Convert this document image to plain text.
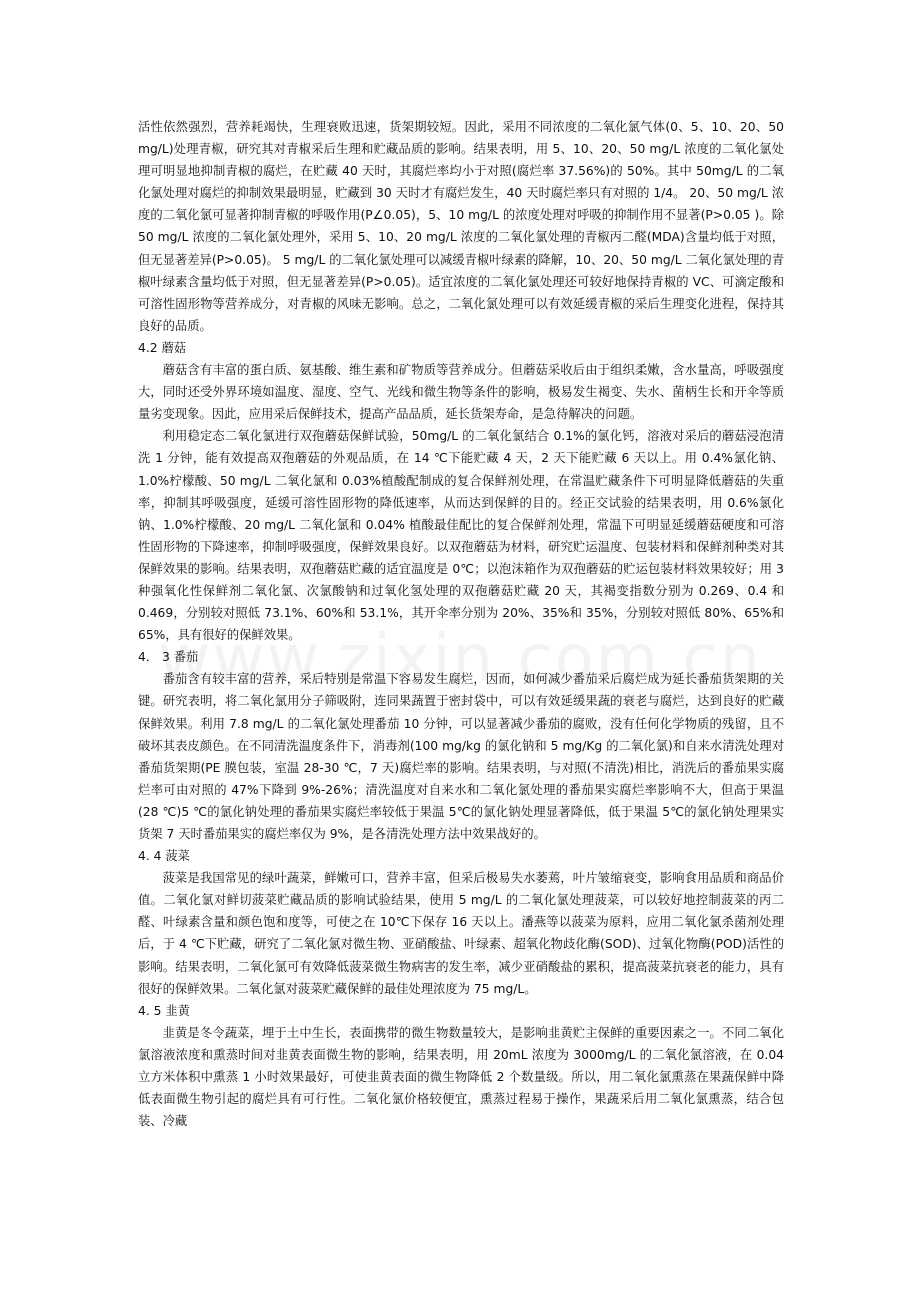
活性依然强烈，营养耗竭快，生理衰败迅速，货架期较短。因此，采用不同浓度的二氧化氯气体(0、5、10、20、50 mg/L)处理青椒，研究其对青椒采后生理和贮藏品质的影响。结果表明，用 5、10、20、50 mg/L 浓度的二氧化氯处理可明显地抑制青椒的腐烂，在贮藏 40 天时，其腐烂率均小于对照(腐烂率 37.56%)的 50%。其中 50mg/L 的二氧化氯处理对腐烂的抑制效果最明显，贮藏到 30 天时才有腐烂发生，40 天时腐烂率只有对照的 1/4。 20、50 mg/L 浓度的二氧化氯可显著抑制青椒的呼吸作用(P∠0.05)，5、10 mg/L 的浓度处理对呼吸的抑制作用不显著(P>0.05 )。除 50 mg/L 浓度的二氧化氯处理外，采用 5、10、20 mg/L 浓度的二氧化氯处理的青椒丙二醛(MDA)含量均低于对照，但无显著差异(P>0.05)。 5 mg/L 的二氧化氯处理可以减缓青椒叶绿素的降解，10、20、50 mg/L 二氧化氯处理的青椒叶绿素含量均低于对照，但无显著差异(P>0.05)。适宜浓度的二氧化氯处理还可较好地保持青椒的 VC、可滴定酸和可溶性固形物等营养成分，对青椒的风味无影响。总之，二氧化氯处理可以有效延缓青椒的采后生理变化进程，保持其良好的品质。

4.2 蘑菇

蘑菇含有丰富的蛋白质、氨基酸、维生素和矿物质等营养成分。但蘑菇采收后由于组织柔嫩，含水量高，呼吸强度大，同时还受外界环境如温度、湿度、空气、光线和微生物等条件的影响，极易发生褐变、失水、菌柄生长和开伞等质量劣变现象。因此，应用采后保鲜技术，提高产品品质，延长货架寿命，是急待解决的问题。

利用稳定态二氧化氯进行双孢蘑菇保鲜试验，50mg/L 的二氧化氯结合 0.1%的氯化钙，溶液对采后的蘑菇浸泡清洗 1 分钟，能有效提高双孢蘑菇的外观品质，在 14 ℃下能贮藏 4 天，2 天下能贮藏 6 天以上。用 0.4%氯化钠、 1.0%柠檬酸、50 mg/L 二氧化氯和 0.03%植酸配制成的复合保鲜剂处理，在常温贮藏条件下可明显降低蘑菇的失重率，抑制其呼吸强度，延缓可溶性固形物的降低速率，从而达到保鲜的目的。经正交试验的结果表明，用 0.6%氯化钠、1.0%柠檬酸、20 mg/L 二氧化氯和 0.04% 植酸最佳配比的复合保鲜剂处理，常温下可明显延缓蘑菇硬度和可溶性固形物的下降速率，抑制呼吸强度，保鲜效果良好。以双孢蘑菇为材料，研究贮运温度、包装材料和保鲜剂种类对其保鲜效果的影响。结果表明，双孢蘑菇贮藏的适宜温度是 0℃；以泡沫箱作为双孢蘑菇的贮运包装材料效果较好；用 3 种强氧化性保鲜剂二氧化氯、次氯酸钠和过氧化氢处理的双孢蘑菇贮藏 20 天，其褐变指数分别为 0.269、0.4 和 0.469，分别较对照低 73.1%、60%和 53.1%，其开伞率分别为 20%、35%和 35%，分别较对照低 80%、65%和 65%，具有很好的保鲜效果。

4． 3 番茄

番茄含有较丰富的营养，采后特别是常温下容易发生腐烂，因而，如何减少番茄采后腐烂成为延长番茄货架期的关键。研究表明，将二氧化氯用分子筛吸附，连同果蔬置于密封袋中，可以有效延缓果蔬的衰老与腐烂，达到良好的贮藏保鲜效果。利用 7.8 mg/L 的二氧化氯处理番茄 10 分钟，可以显著减少番茄的腐败，没有任何化学物质的残留，且不破坏其表皮颜色。在不同清洗温度条件下，消毒剂(100 mg/kg 的氯化钠和 5 mg/Kg 的二氧化氯)和自来水清洗处理对番茄货架期(PE 膜包装，室温 28-30 ℃，7 天)腐烂率的影响。结果表明，与对照(不清洗)相比，消洗后的番茄果实腐烂率可由对照的 47%下降到 9%-26%；清洗温度对自来水和二氧化氯处理的番茄果实腐烂率影响不大，但高于果温(28 ℃)5 ℃的氯化钠处理的番茄果实腐烂率较低于果温 5℃的氯化钠处理显著降低，低于果温 5℃的氯化钠处理果实货架 7 天时番茄果实的腐烂率仅为 9%，是各清洗处理方法中效果战好的。

4. 4 菠菜

菠菜是我国常见的绿叶蔬菜，鲜嫩可口，营养丰富，但采后极易失水萎蔫，叶片皱缩衰变，影响食用品质和商品价值。二氧化氯对鲜切菠菜贮藏品质的影响试验结果，使用 5 mg/L 的二氧化氯处理菠菜，可以较好地控制菠菜的丙二醛、叶绿素含量和颜色饱和度等，可使之在 10℃下保存 16 天以上。潘燕等以菠菜为原料，应用二氧化氯杀菌剂处理后，于 4 ℃下贮藏，研究了二氧化氯对微生物、亚硝酸盐、叶绿素、超氧化物歧化酶(SOD)、过氧化物酶(POD)活性的影响。结果表明，二氧化氯可有效降低菠菜微生物病害的发生率，减少亚硝酸盐的累积，提高菠菜抗衰老的能力，具有很好的保鲜效果。二氧化氯对菠菜贮藏保鲜的最佳处理浓度为 75 mg/L。

4. 5 韭黄

韭黄是冬令蔬菜，埋于土中生长，表面携带的微生物数量较大，是影响韭黄贮主保鲜的重要因素之一。不同二氧化氯溶液浓度和熏蒸时间对韭黄表面微生物的影响，结果表明，用 20mL 浓度为 3000mg/L 的二氧化氯溶液，在 0.04 立方米体积中熏蒸 1 小时效果最好，可使韭黄表面的微生物降低 2 个数量级。所以，用二氧化氯熏蒸在果蔬保鲜中降低表面微生物引起的腐烂具有可行性。二氧化氯价格较便宜，熏蒸过程易于操作，果蔬采后用二氧化氯熏蒸，结合包装、冷藏
